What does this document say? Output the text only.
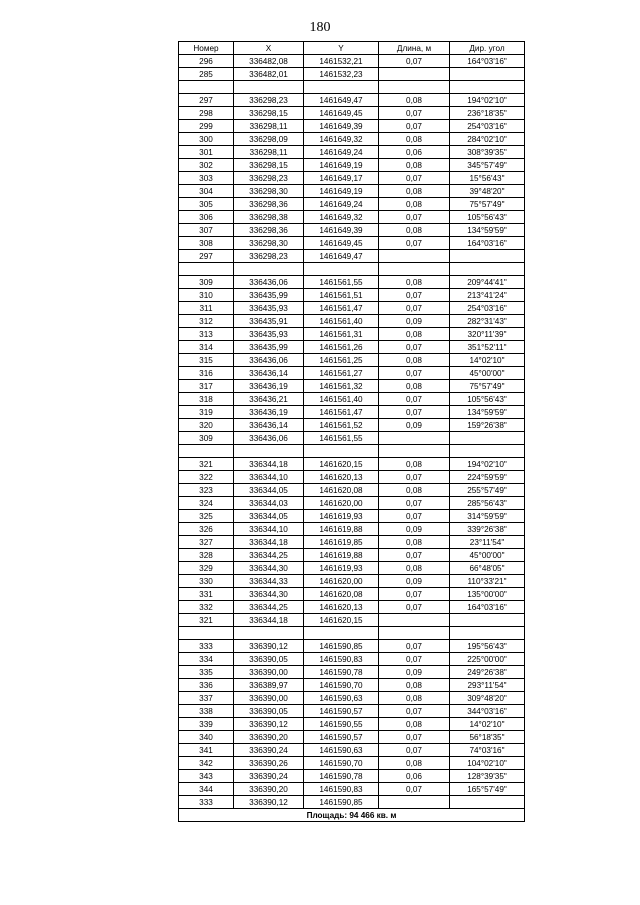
180
Номер	X	Y	Длина, м	Дир. угол
296	336482,08	1461532,21	0,07	164°03'16"
285	336482,01	1461532,23		

297	336298,23	1461649,47	0,08	194°02'10"
298	336298,15	1461649,45	0,07	236°18'35"
299	336298,11	1461649,39	0,07	254°03'16"
300	336298,09	1461649,32	0,08	284°02'10"
301	336298,11	1461649,24	0,06	308°39'35"
302	336298,15	1461649,19	0,08	345°57'49"
303	336298,23	1461649,17	0,07	15°56'43"
304	336298,30	1461649,19	0,08	39°48'20"
305	336298,36	1461649,24	0,08	75°57'49"
306	336298,38	1461649,32	0,07	105°56'43"
307	336298,36	1461649,39	0,08	134°59'59"
308	336298,30	1461649,45	0,07	164°03'16"
297	336298,23	1461649,47		

309	336436,06	1461561,55	0,08	209°44'41"
310	336435,99	1461561,51	0,07	213°41'24"
311	336435,93	1461561,47	0,07	254°03'16"
312	336435,91	1461561,40	0,09	282°31'43"
313	336435,93	1461561,31	0,08	320°11'39"
314	336435,99	1461561,26	0,07	351°52'11"
315	336436,06	1461561,25	0,08	14°02'10"
316	336436,14	1461561,27	0,07	45°00'00"
317	336436,19	1461561,32	0,08	75°57'49"
318	336436,21	1461561,40	0,07	105°56'43"
319	336436,19	1461561,47	0,07	134°59'59"
320	336436,14	1461561,52	0,09	159°26'38"
309	336436,06	1461561,55		

321	336344,18	1461620,15	0,08	194°02'10"
322	336344,10	1461620,13	0,07	224°59'59"
323	336344,05	1461620,08	0,08	255°57'49"
324	336344,03	1461620,00	0,07	285°56'43"
325	336344,05	1461619,93	0,07	314°59'59"
326	336344,10	1461619,88	0,09	339°26'38"
327	336344,18	1461619,85	0,08	23°11'54"
328	336344,25	1461619,88	0,07	45°00'00"
329	336344,30	1461619,93	0,08	66°48'05"
330	336344,33	1461620,00	0,09	110°33'21"
331	336344,30	1461620,08	0,07	135°00'00"
332	336344,25	1461620,13	0,07	164°03'16"
321	336344,18	1461620,15		

333	336390,12	1461590,85	0,07	195°56'43"
334	336390,05	1461590,83	0,07	225°00'00"
335	336390,00	1461590,78	0,09	249°26'38"
336	336389,97	1461590,70	0,08	293°11'54"
337	336390,00	1461590,63	0,08	309°48'20"
338	336390,05	1461590,57	0,07	344°03'16"
339	336390,12	1461590,55	0,08	14°02'10"
340	336390,20	1461590,57	0,07	56°18'35"
341	336390,24	1461590,63	0,07	74°03'16"
342	336390,26	1461590,70	0,08	104°02'10"
343	336390,24	1461590,78	0,06	128°39'35"
344	336390,20	1461590,83	0,07	165°57'49"
333	336390,12	1461590,85		
Площадь: 94 466 кв. м				
